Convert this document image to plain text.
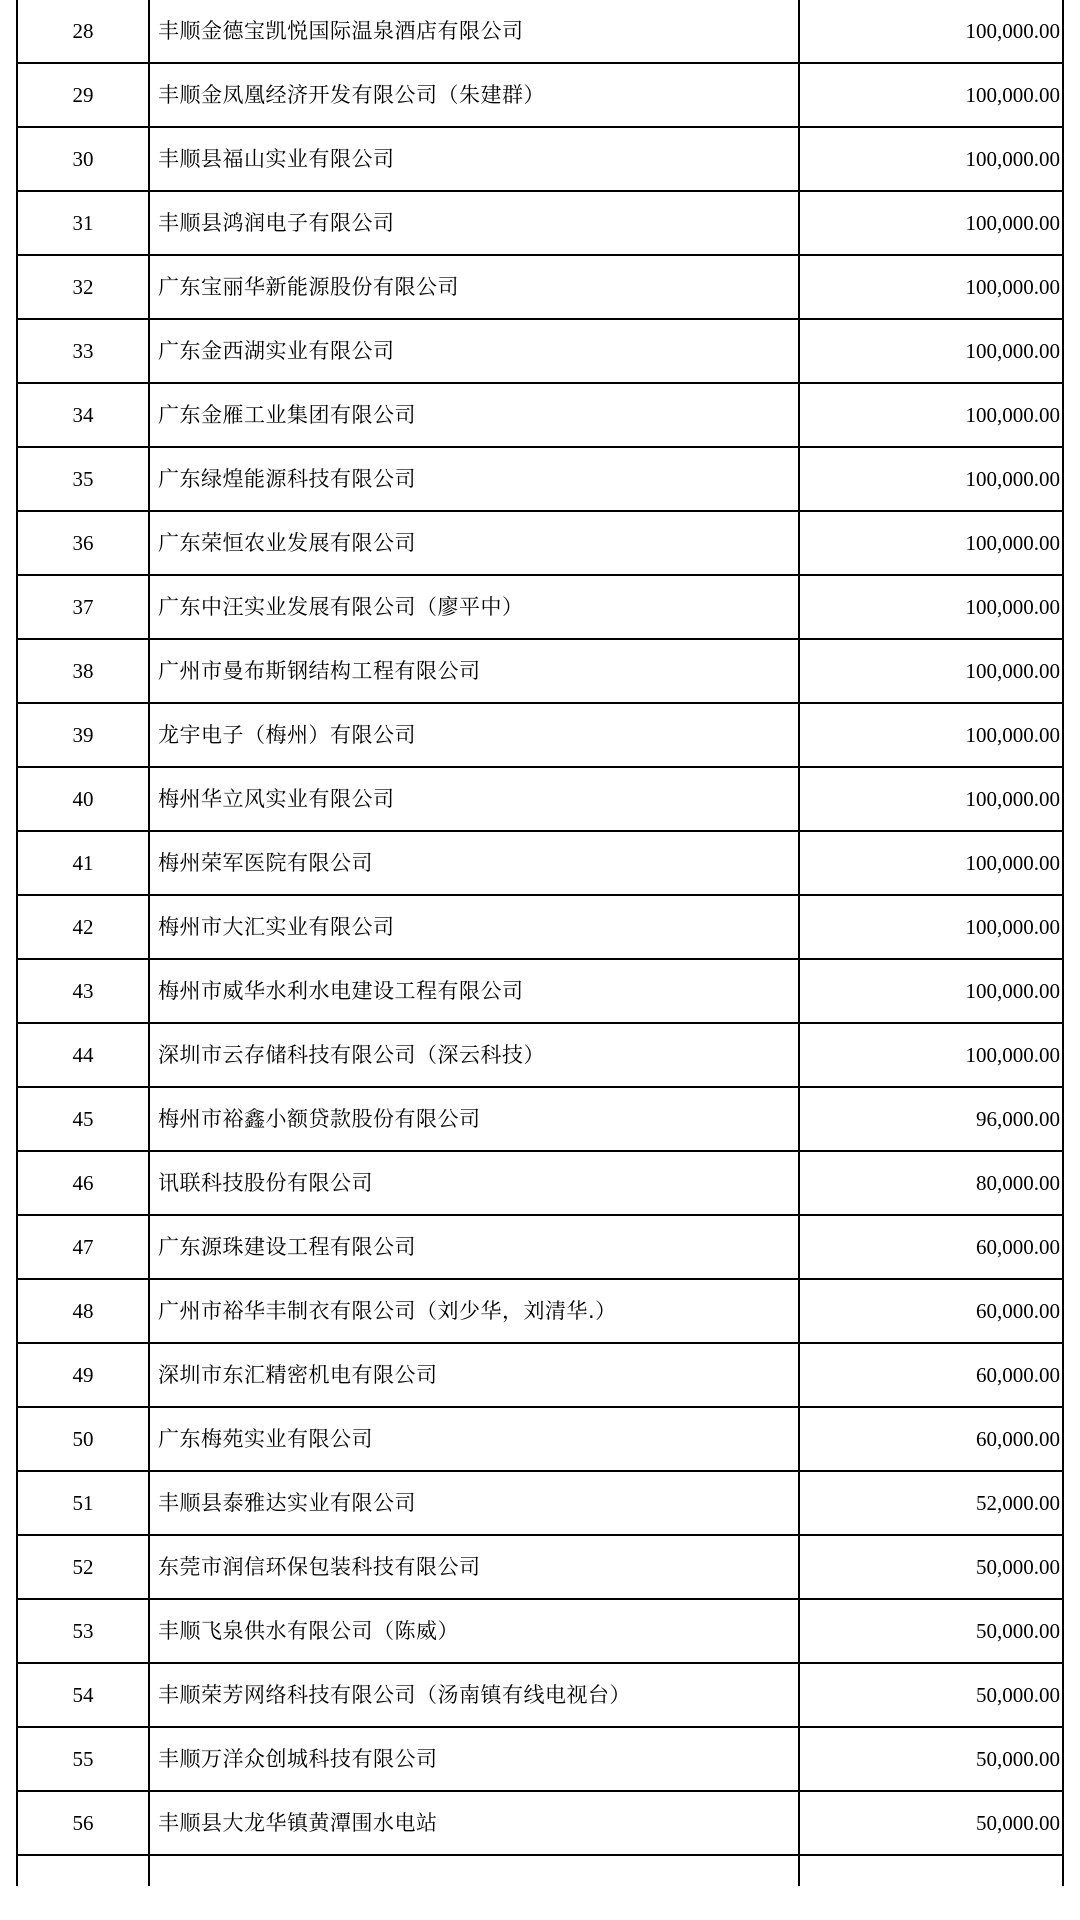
28	丰顺金德宝凯悦国际温泉酒店有限公司	100,000.00
29	丰顺金凤凰经济开发有限公司（朱建群）	100,000.00
30	丰顺县福山实业有限公司	100,000.00
31	丰顺县鸿润电子有限公司	100,000.00
32	广东宝丽华新能源股份有限公司	100,000.00
33	广东金西湖实业有限公司	100,000.00
34	广东金雁工业集团有限公司	100,000.00
35	广东绿煌能源科技有限公司	100,000.00
36	广东荣恒农业发展有限公司	100,000.00
37	广东中汪实业发展有限公司（廖平中）	100,000.00
38	广州市曼布斯钢结构工程有限公司	100,000.00
39	龙宇电子（梅州）有限公司	100,000.00
40	梅州华立风实业有限公司	100,000.00
41	梅州荣军医院有限公司	100,000.00
42	梅州市大汇实业有限公司	100,000.00
43	梅州市威华水利水电建设工程有限公司	100,000.00
44	深圳市云存储科技有限公司（深云科技）	100,000.00
45	梅州市裕鑫小额贷款股份有限公司	96,000.00
46	讯联科技股份有限公司	80,000.00
47	广东源珠建设工程有限公司	60,000.00
48	广州市裕华丰制衣有限公司（刘少华，刘清华.）	60,000.00
49	深圳市东汇精密机电有限公司	60,000.00
50	广东梅苑实业有限公司	60,000.00
51	丰顺县泰雅达实业有限公司	52,000.00
52	东莞市润信环保包装科技有限公司	50,000.00
53	丰顺飞泉供水有限公司（陈威）	50,000.00
54	丰顺荣芳网络科技有限公司（汤南镇有线电视台）	50,000.00
55	丰顺万洋众创城科技有限公司	50,000.00
56	丰顺县大龙华镇黄潭围水电站	50,000.00
